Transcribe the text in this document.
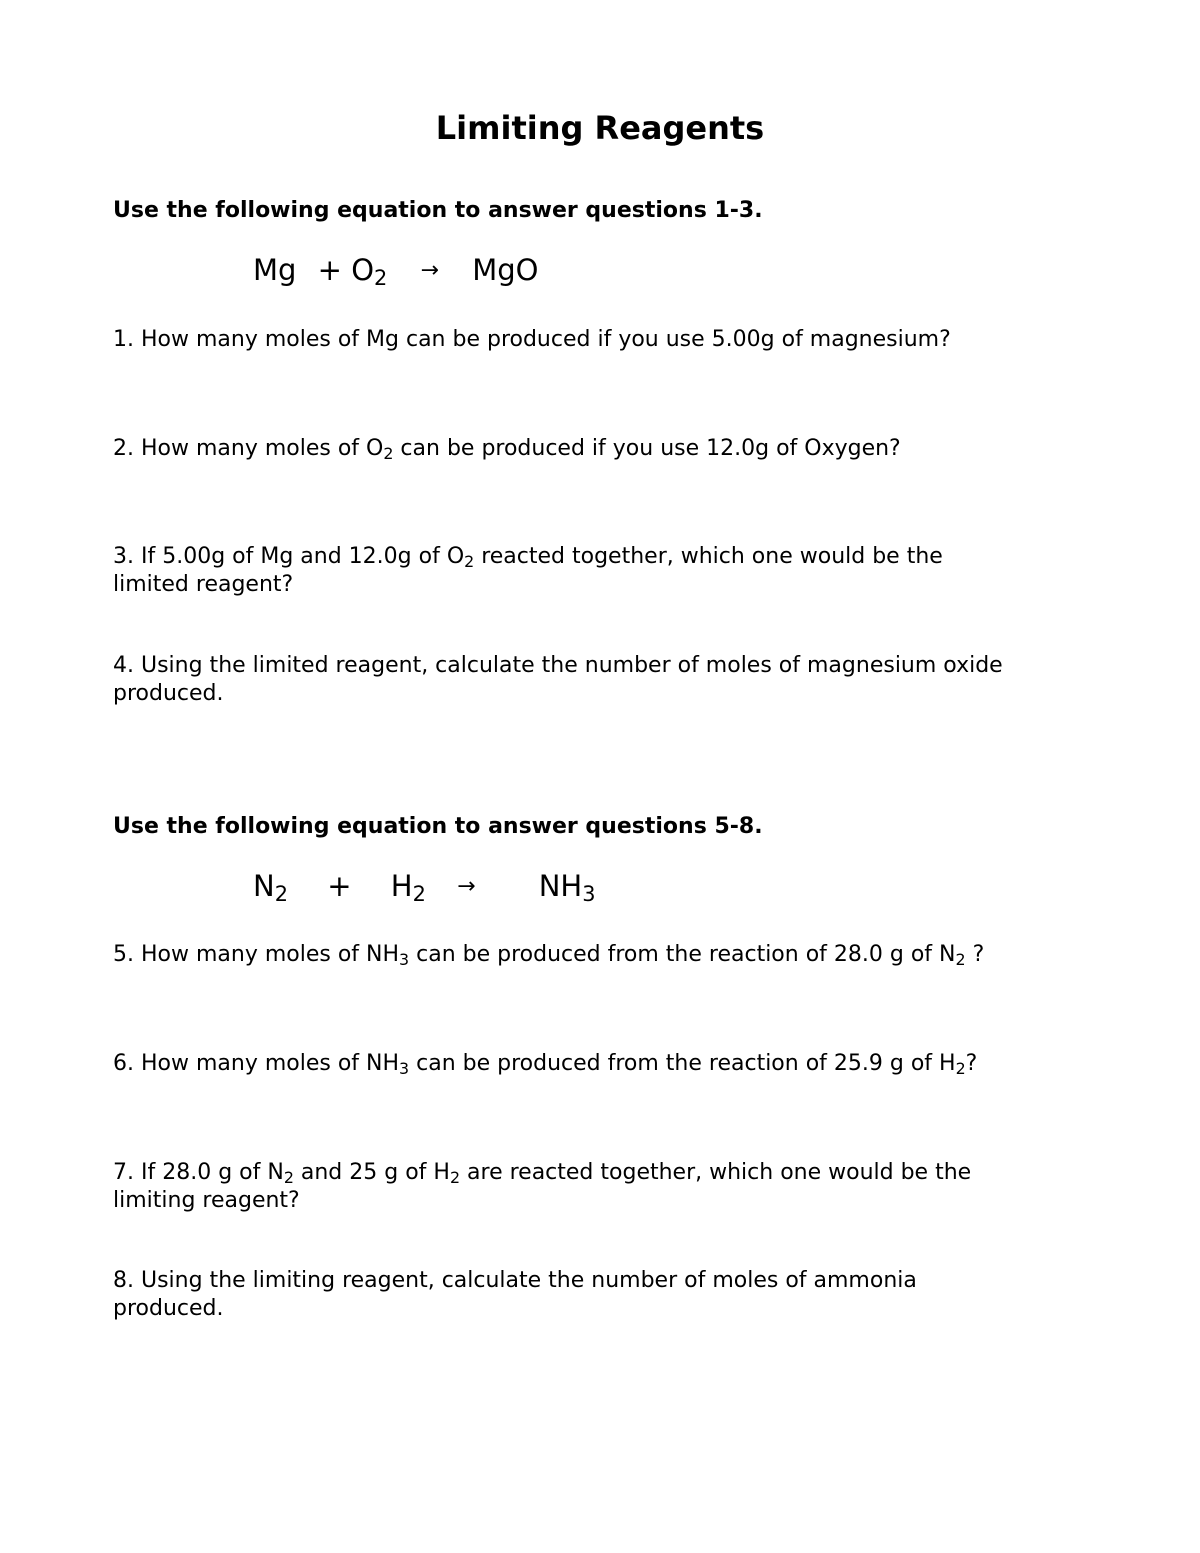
Limiting Reagents
Use the following equation to answer questions 1-3.
$Mg + O_2$ → MgO
1. How many moles of Mg can be produced if you use 5.00g of magnesium?
2. How many moles of $O_2$ can be produced if you use 12.0g of Oxygen?
3. If 5.00g of Mg and 12.0g of $O_2$ reacted together, which one would be the
limited reagent?
4. Using the limited reagent, calculate the number of moles of magnesium oxide
produced.
Use the following equation to answer questions 5-8.
$N_2 + H_2 \to NH_3$
5. How many moles of $NH_3$ can be produced from the reaction of 28.0 g of $N_2$ ?
6. How many moles of $NH_3$ can be produced from the reaction of 25.9 g of $H_2$?
7. If 28.0 g of $N_2$ and 25 g of $H_2$ are reacted together, which one would be the
limiting reagent?
8. Using the limiting reagent, calculate the number of moles of ammonia
produced.
